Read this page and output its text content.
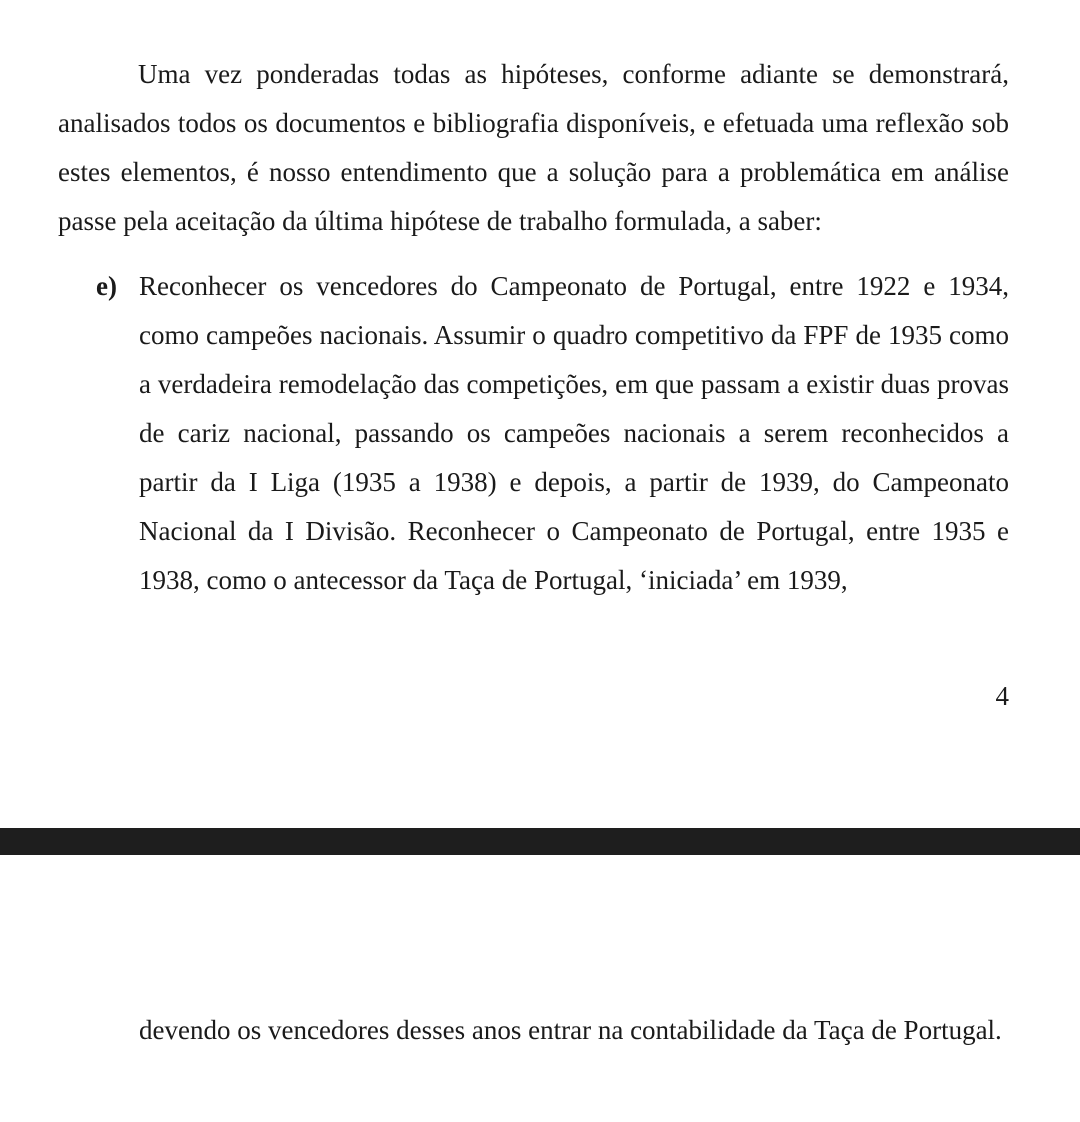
Uma vez ponderadas todas as hipóteses, conforme adiante se demonstrará, analisados todos os documentos e bibliografia disponíveis, e efetuada uma reflexão sob estes elementos, é nosso entendimento que a solução para a problemática em análise passe pela aceitação da última hipótese de trabalho formulada, a saber:

e) Reconhecer os vencedores do Campeonato de Portugal, entre 1922 e 1934, como campeões nacionais. Assumir o quadro competitivo da FPF de 1935 como a verdadeira remodelação das competições, em que passam a existir duas provas de cariz nacional, passando os campeões nacionais a serem reconhecidos a partir da I Liga (1935 a 1938) e depois, a partir de 1939, do Campeonato Nacional da I Divisão. Reconhecer o Campeonato de Portugal, entre 1935 e 1938, como o antecessor da Taça de Portugal, ‘iniciada’ em 1939,

4

devendo os vencedores desses anos entrar na contabilidade da Taça de Portugal.
